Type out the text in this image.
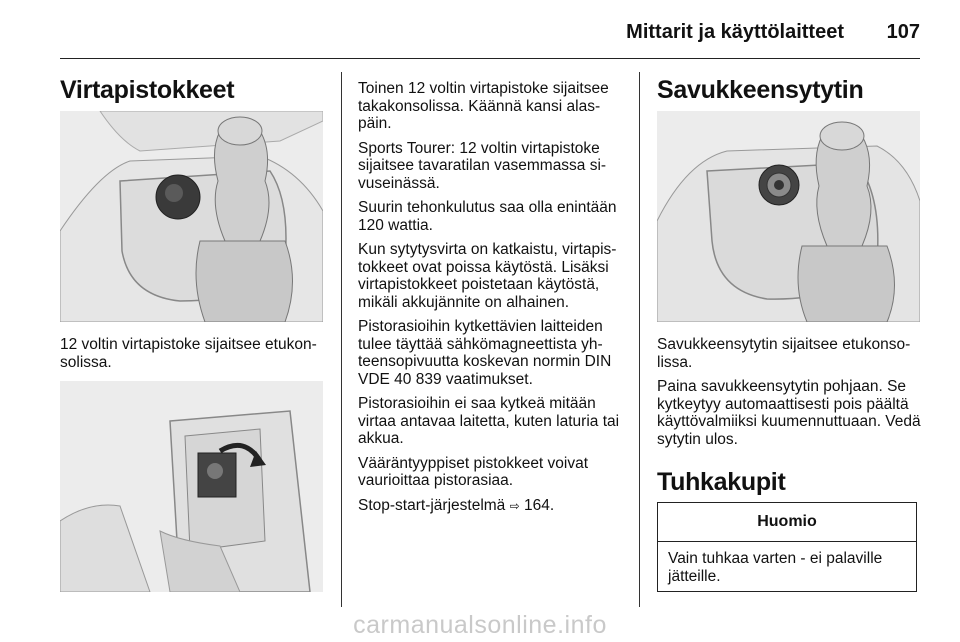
Mittarit ja käyttölaitteet 107
Virtapistokkeet
12 voltin virtapistoke sijaitsee etukon-solissa.

Toinen 12 voltin virtapistoke sijaitsee takakonsolissa. Käännä kansi alas-päin.

Sports Tourer: 12 voltin virtapistoke sijaitsee tavaratilan vasemmassa si-vuseinässä.

Suurin tehonkulutus saa olla enintään 120 wattia.

Kun sytytysvirta on katkaistu, virtapis-tokkeet ovat poissa käytöstä. Lisäksi virtapistokkeet poistetaan käytöstä, mikäli akkujännite on alhainen.

Pistorasioihin kytkettävien laitteiden tulee täyttää sähkömagneettista yh-teensopivuutta koskevan normin DIN VDE 40 839 vaatimukset.

Pistorasioihin ei saa kytkeä mitään virtaa antavaa laitetta, kuten laturia tai akkua.

Vääräntyyppiset pistokkeet voivat vaurioittaa pistorasiaa.

Stop-start-järjestelmä ⇨ 164.

Savukkeensytytin

Savukkeensytytin sijaitsee etukonso-lissa.

Paina savukkeensytytin pohjaan. Se kytkeytyy automaattisesti pois päältä käyttövalmiiksi kuumennuttuaan. Vedä sytytin ulos.

Tuhkakupit
Huomio
Vain tuhkaa varten - ei palaville jätteille.
carmanualsonline.info
